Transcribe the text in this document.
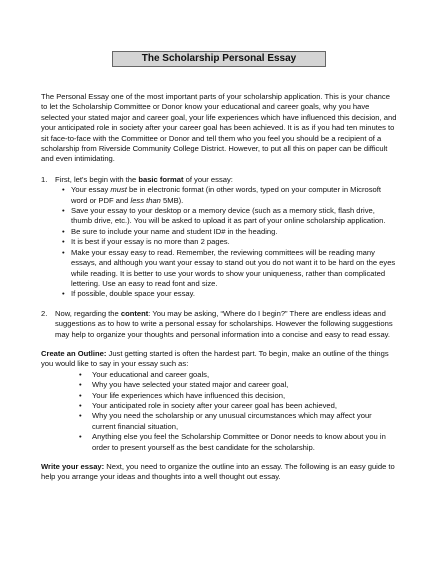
The Scholarship Personal Essay

The Personal Essay one of the most important parts of your scholarship application. This is your chance to let the Scholarship Committee or Donor know your educational and career goals, why you have selected your stated major and career goal, your life experiences which have influenced this decision, and your anticipated role in society after your career goal has been achieved. It is as if you had ten minutes to sit face-to-face with the Committee or Donor and tell them who you feel you should be a recipient of a scholarship from Riverside Community College District. However, to put all this on paper can be difficult and even intimidating.

1. First, let's begin with the basic format of your essay:
• Your essay must be in electronic format (in other words, typed on your computer in Microsoft word or PDF and less than 5MB).
• Save your essay to your desktop or a memory device (such as a memory stick, flash drive, thumb drive, etc.). You will be asked to upload it as part of your online scholarship application.
• Be sure to include your name and student ID# in the heading.
• It is best if your essay is no more than 2 pages.
• Make your essay easy to read. Remember, the reviewing committees will be reading many essays, and although you want your essay to stand out you do not want it to be hard on the eyes while reading. It is better to use your words to show your uniqueness, rather than complicated lettering. Use an easy to read font and size.
• If possible, double space your essay.
2. Now, regarding the content: You may be asking, “Where do I begin?” There are endless ideas and suggestions as to how to write a personal essay for scholarships. However the following suggestions may help to organize your thoughts and personal information into a concise and easy to read essay.

Create an Outline: Just getting started is often the hardest part. To begin, make an outline of the things you would like to say in your essay such as:

• Your educational and career goals,
• Why you have selected your stated major and career goal,
• Your life experiences which have influenced this decision,
• Your anticipated role in society after your career goal has been achieved,
• Why you need the scholarship or any unusual circumstances which may affect your current financial situation,
• Anything else you feel the Scholarship Committee or Donor needs to know about you in order to present yourself as the best candidate for the scholarship.

Write your essay: Next, you need to organize the outline into an essay. The following is an easy guide to help you arrange your ideas and thoughts into a well thought out essay.
